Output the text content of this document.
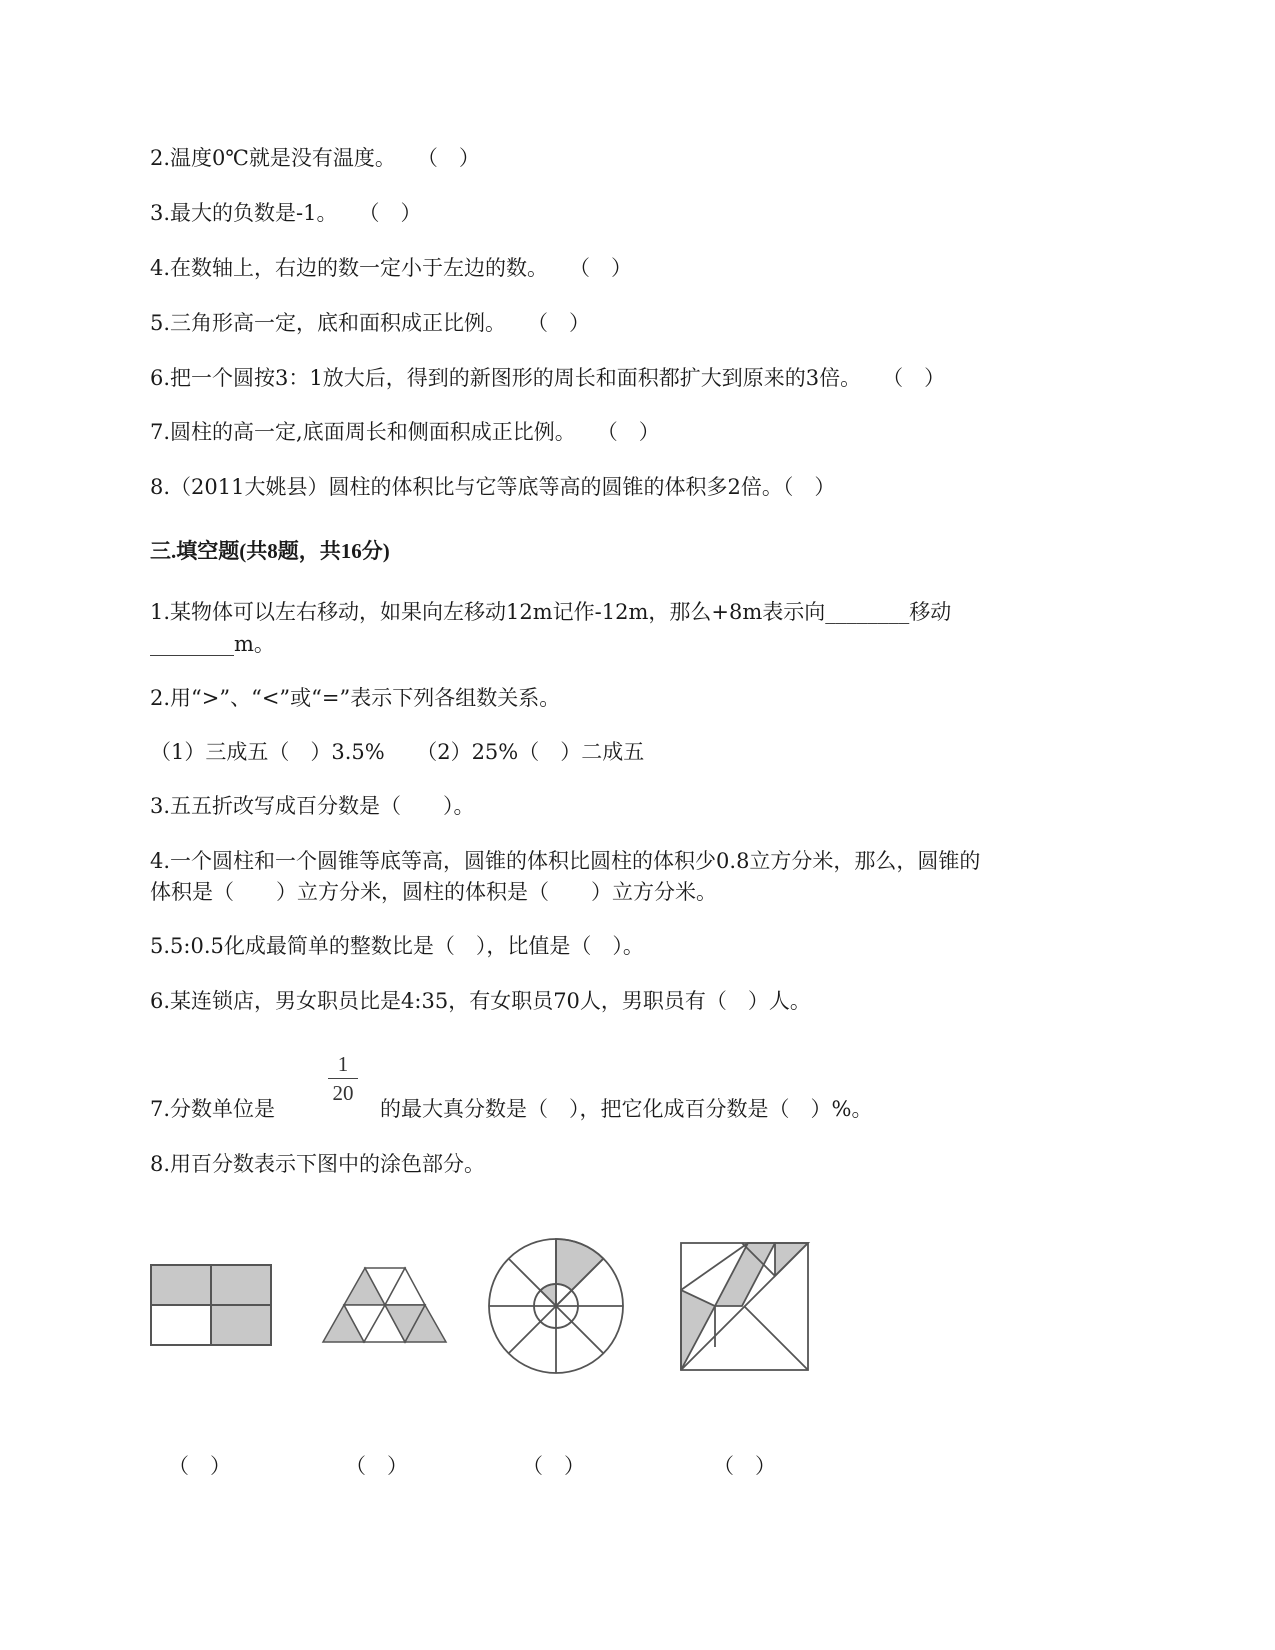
2.温度0℃就是没有温度。　　（　）
3.最大的负数是-1。　　（　）
4.在数轴上，右边的数一定小于左边的数。　　（　）
5.三角形高一定，底和面积成正比例。　　（　）
6.把一个圆按3：1放大后，得到的新图形的周长和面积都扩大到原来的3倍。　　（　）
7.圆柱的高一定,底面周长和侧面积成正比例。　　（　）
8.（2011大姚县）圆柱的体积比与它等底等高的圆锥的体积多2倍。（　）
三.填空题(共8题，共16分)
1.某物体可以左右移动，如果向左移动12m记作-12m，那么+8m表示向________移动
________m。
2.用“>”、“<”或“=”表示下列各组数关系。
（1）三成五（　）3.5%　　（2）25%（　）二成五
3.五五折改写成百分数是（　　）。
4.一个圆柱和一个圆锥等底等高，圆锥的体积比圆柱的体积少0.8立方分米，那么，圆锥的
体积是（　　）立方分米，圆柱的体积是（　　）立方分米。
5.5:0.5化成最简单的整数比是（　），比值是（　）。
6.某连锁店，男女职员比是4:35，有女职员70人，男职员有（　）人。
7.分数单位是
1
20
的最大真分数是（　），把它化成百分数是（　）%。
8.用百分数表示下图中的涂色部分。
（　）	（　）	（　）	（　）
